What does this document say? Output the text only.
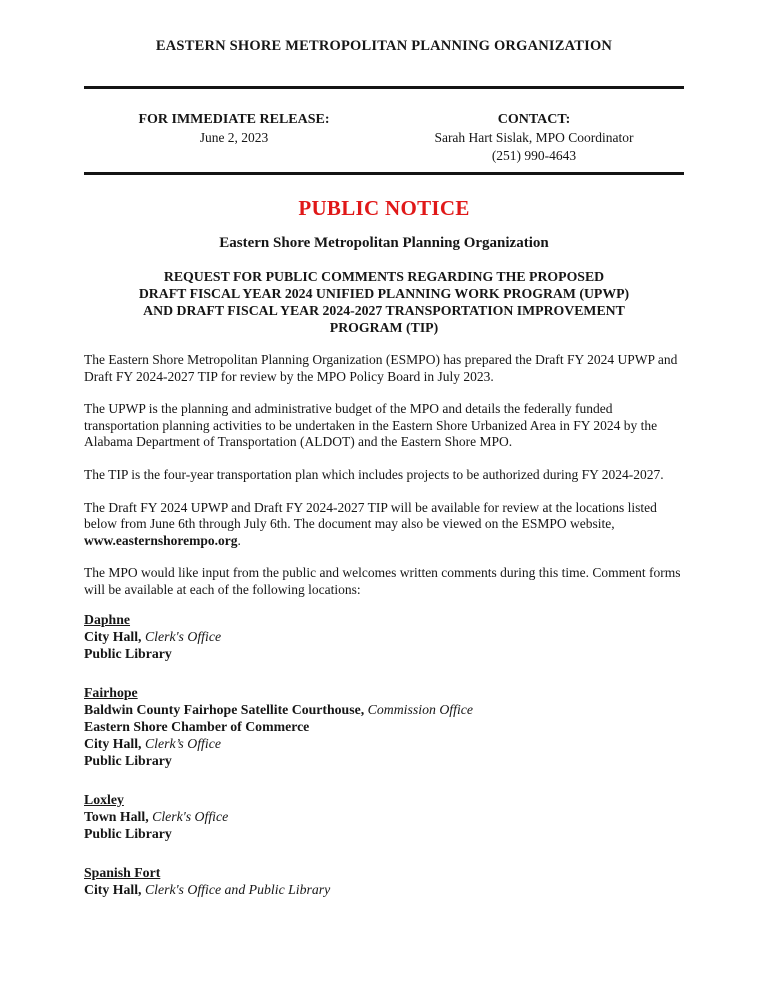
EASTERN SHORE METROPOLITAN PLANNING ORGANIZATION
FOR IMMEDIATE RELEASE:
June 2, 2023
CONTACT:
Sarah Hart Sislak, MPO Coordinator
(251) 990-4643
PUBLIC NOTICE
Eastern Shore Metropolitan Planning Organization
REQUEST FOR PUBLIC COMMENTS REGARDING THE PROPOSED
DRAFT FISCAL YEAR 2024 UNIFIED PLANNING WORK PROGRAM (UPWP)
AND DRAFT FISCAL YEAR 2024-2027 TRANSPORTATION IMPROVEMENT
PROGRAM (TIP)

The Eastern Shore Metropolitan Planning Organization (ESMPO) has prepared the Draft FY 2024 UPWP and Draft FY 2024-2027 TIP for review by the MPO Policy Board in July 2023.

The UPWP is the planning and administrative budget of the MPO and details the federally funded transportation planning activities to be undertaken in the Eastern Shore Urbanized Area in FY 2024 by the Alabama Department of Transportation (ALDOT) and the Eastern Shore MPO.

The TIP is the four-year transportation plan which includes projects to be authorized during FY 2024-2027.

The Draft FY 2024 UPWP and Draft FY 2024-2027 TIP will be available for review at the locations listed below from June 6th through July 6th. The document may also be viewed on the ESMPO website, www.easternshorempo.org.

The MPO would like input from the public and welcomes written comments during this time. Comment forms will be available at each of the following locations:

Daphne
City Hall, Clerk's Office
Public Library
Fairhope
Baldwin County Fairhope Satellite Courthouse, Commission Office
Eastern Shore Chamber of Commerce
City Hall, Clerk’s Office
Public Library
Loxley
Town Hall, Clerk's Office
Public Library
Spanish Fort
City Hall, Clerk's Office and Public Library
